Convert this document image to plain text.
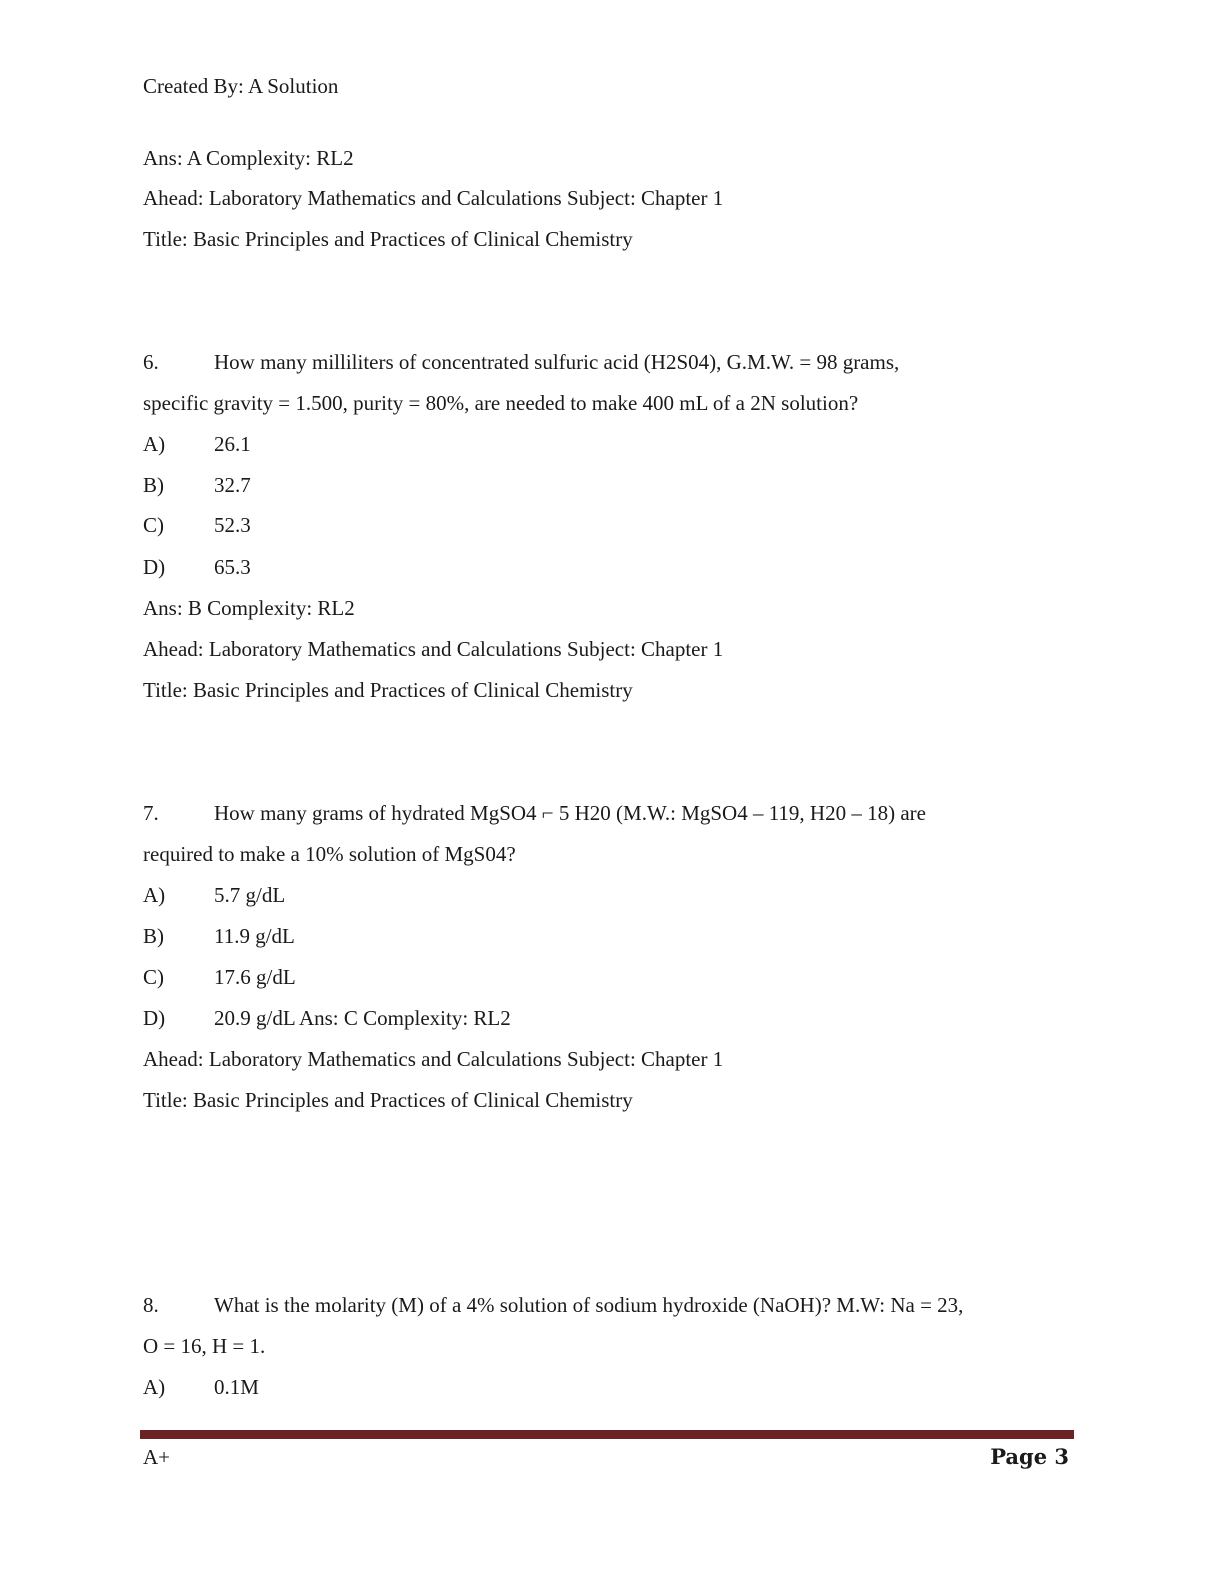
Created By: A Solution
Ans: A Complexity: RL2
Ahead: Laboratory Mathematics and Calculations Subject: Chapter 1
Title: Basic Principles and Practices of Clinical Chemistry
6.	How many milliliters of concentrated sulfuric acid (H2S04), G.M.W. = 98 grams,
specific gravity = 1.500, purity = 80%, are needed to make 400 mL of a 2N solution?
A) 26.1
B) 32.7
C) 52.3
D) 65.3
Ans: B Complexity: RL2
Ahead: Laboratory Mathematics and Calculations Subject: Chapter 1
Title: Basic Principles and Practices of Clinical Chemistry
7.	How many grams of hydrated MgSO4 ⌐ 5 H20 (M.W.: MgSO4 – 119, H20 – 18) are
required to make a 10% solution of MgS04?
A) 5.7 g/dL
B) 11.9 g/dL
C) 17.6 g/dL
D) 20.9 g/dL Ans: C Complexity: RL2
Ahead: Laboratory Mathematics and Calculations Subject: Chapter 1
Title: Basic Principles and Practices of Clinical Chemistry
8.	What is the molarity (M) of a 4% solution of sodium hydroxide (NaOH)? M.W: Na = 23,
O = 16, H = 1.
A) 0.1M
A+	Page 3
